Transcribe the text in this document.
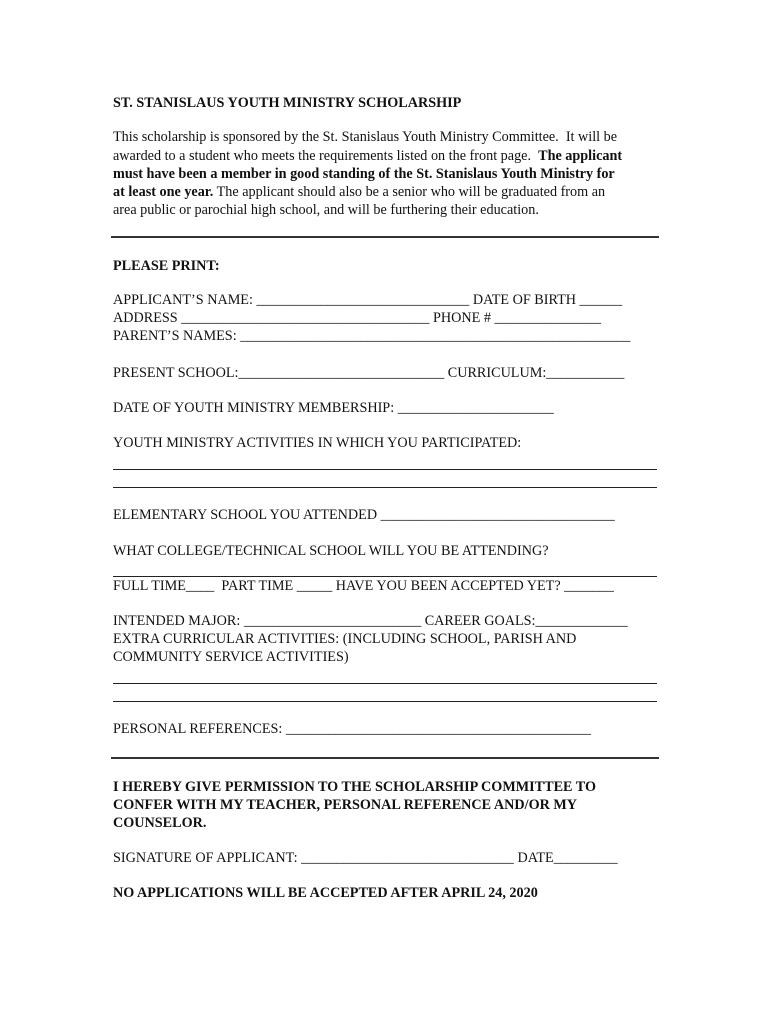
ST. STANISLAUS YOUTH MINISTRY SCHOLARSHIP
This scholarship is sponsored by the St. Stanislaus Youth Ministry Committee.  It will be
awarded to a student who meets the requirements listed on the front page.  The applicant
must have been a member in good standing of the St. Stanislaus Youth Ministry for
at least one year. The applicant should also be a senior who will be graduated from an
area public or parochial high school, and will be furthering their education.
PLEASE PRINT:
APPLICANT’S NAME: ______________________________ DATE OF BIRTH ______
ADDRESS ___________________________________ PHONE # _______________
PARENT’S NAMES: _______________________________________________________
PRESENT SCHOOL:_____________________________ CURRICULUM:___________
DATE OF YOUTH MINISTRY MEMBERSHIP: ______________________
YOUTH MINISTRY ACTIVITIES IN WHICH YOU PARTICIPATED:
ELEMENTARY SCHOOL YOU ATTENDED _________________________________
WHAT COLLEGE/TECHNICAL SCHOOL WILL YOU BE ATTENDING?
FULL TIME____  PART TIME _____ HAVE YOU BEEN ACCEPTED YET? _______
INTENDED MAJOR: _________________________ CAREER GOALS:_____________
EXTRA CURRICULAR ACTIVITIES: (INCLUDING SCHOOL, PARISH AND
COMMUNITY SERVICE ACTIVITIES)
PERSONAL REFERENCES: ___________________________________________
I HEREBY GIVE PERMISSION TO THE SCHOLARSHIP COMMITTEE TO
CONFER WITH MY TEACHER, PERSONAL REFERENCE AND/OR MY
COUNSELOR.
SIGNATURE OF APPLICANT: ______________________________ DATE_________
NO APPLICATIONS WILL BE ACCEPTED AFTER APRIL 24, 2020
